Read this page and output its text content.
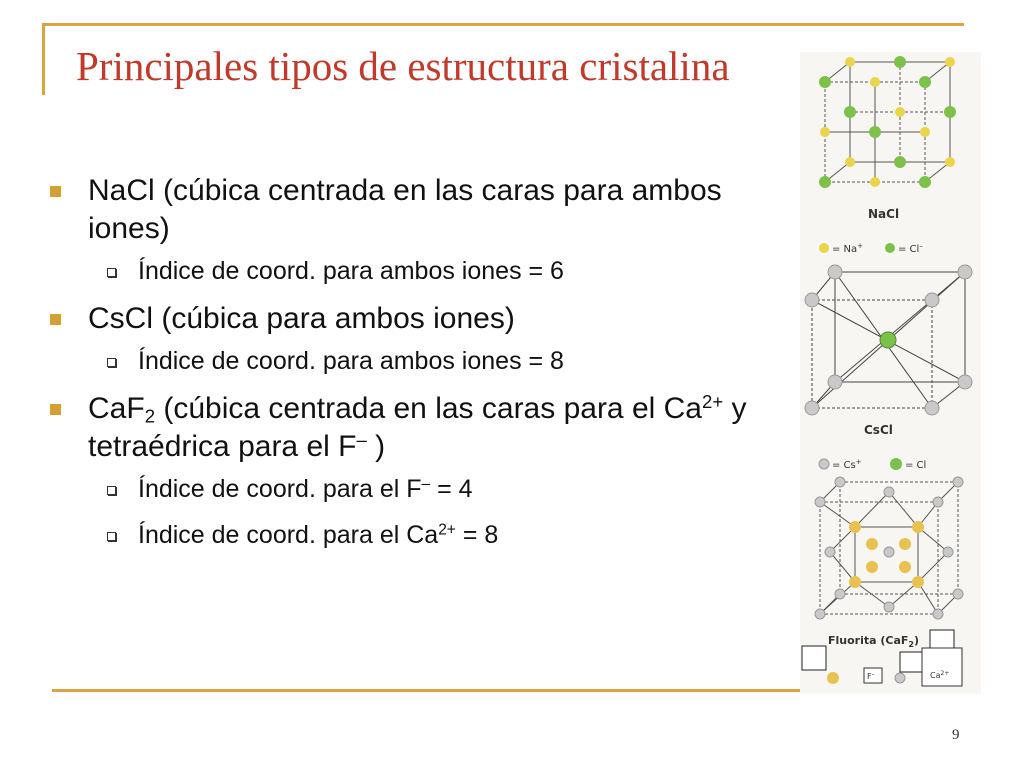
Principales tipos de estructura cristalina
NaCl (cúbica centrada en las caras para ambos iones)
Índice de coord. para ambos iones = 6
CsCl (cúbica para ambos iones)
Índice de coord. para ambos iones = 8
CaF$_2$ (cúbica centrada en las caras para el $Ca^{2+}$ y tetraédrica para el F– )
Índice de coord. para el F– = 4
Índice de coord. para el $Ca^{2+} = 8$
NaCl
= Na+	= Cl–
CsCl
= Cs+	= Cl
Fluorita (CaF$_2$)
F–	$Ca^{2+}$
9
